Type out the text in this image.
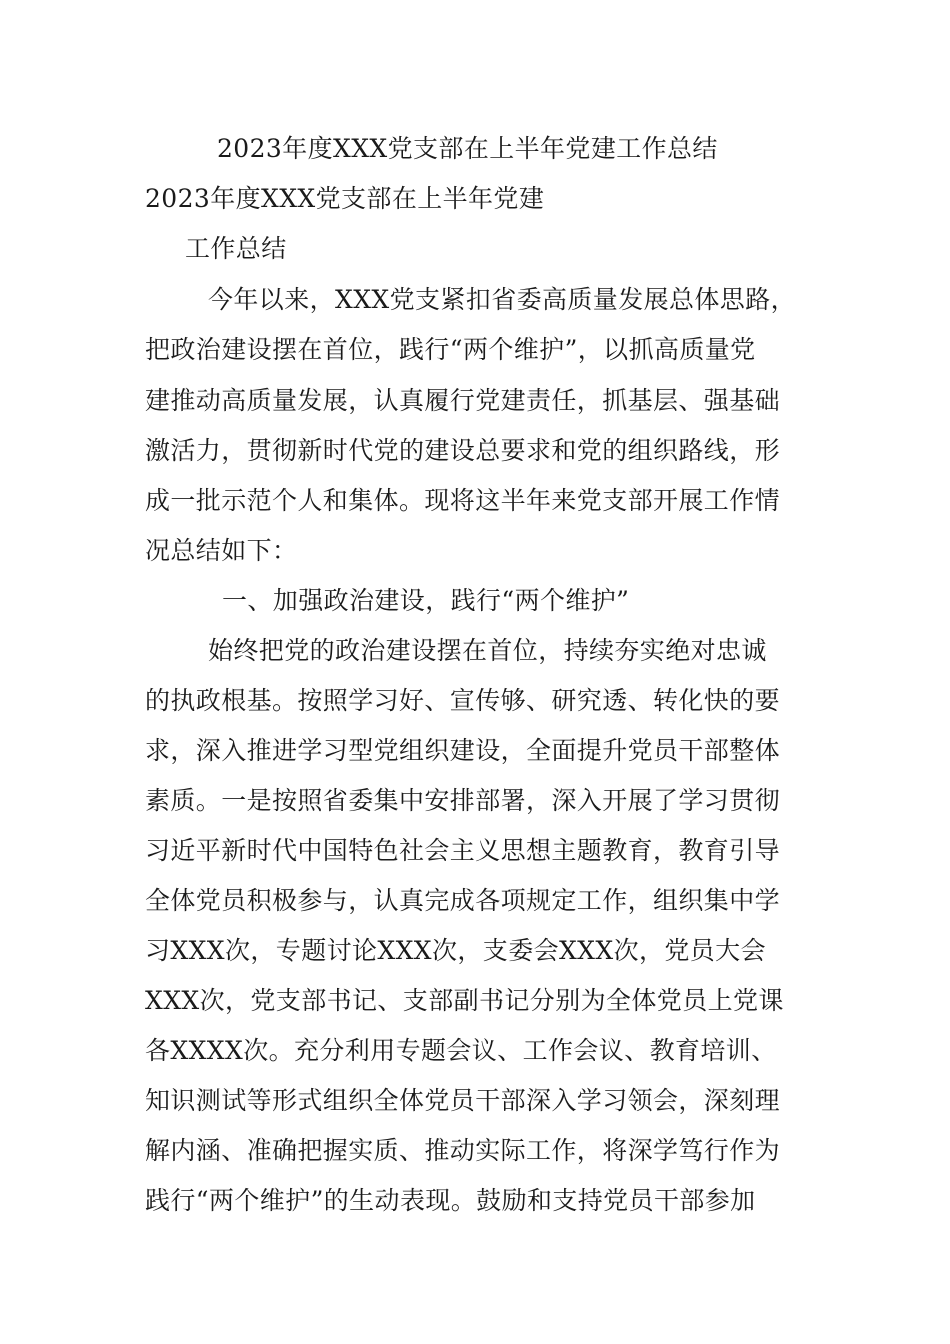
2023年度XXX党支部在上半年党建工作总结
2023年度XXX党支部在上半年党建
工作总结
今年以来，XXX党支紧扣省委高质量发展总体思路，
把政治建设摆在首位，践行“两个维护”，以抓高质量党
建推动高质量发展，认真履行党建责任，抓基层、强基础
激活力，贯彻新时代党的建设总要求和党的组织路线，形
成一批示范个人和集体。现将这半年来党支部开展工作情
况总结如下：
一、加强政治建设，践行“两个维护”
始终把党的政治建设摆在首位，持续夯实绝对忠诚
的执政根基。按照学习好、宣传够、研究透、转化快的要
求，深入推进学习型党组织建设，全面提升党员干部整体
素质。一是按照省委集中安排部署，深入开展了学习贯彻
习近平新时代中国特色社会主义思想主题教育，教育引导
全体党员积极参与，认真完成各项规定工作，组织集中学
习XXX次，专题讨论XXX次，支委会XXX次，党员大会
XXX次，党支部书记、支部副书记分别为全体党员上党课
各XXXX次。充分利用专题会议、工作会议、教育培训、
知识测试等形式组织全体党员干部深入学习领会，深刻理
解内涵、准确把握实质、推动实际工作，将深学笃行作为
践行“两个维护”的生动表现。鼓励和支持党员干部参加
